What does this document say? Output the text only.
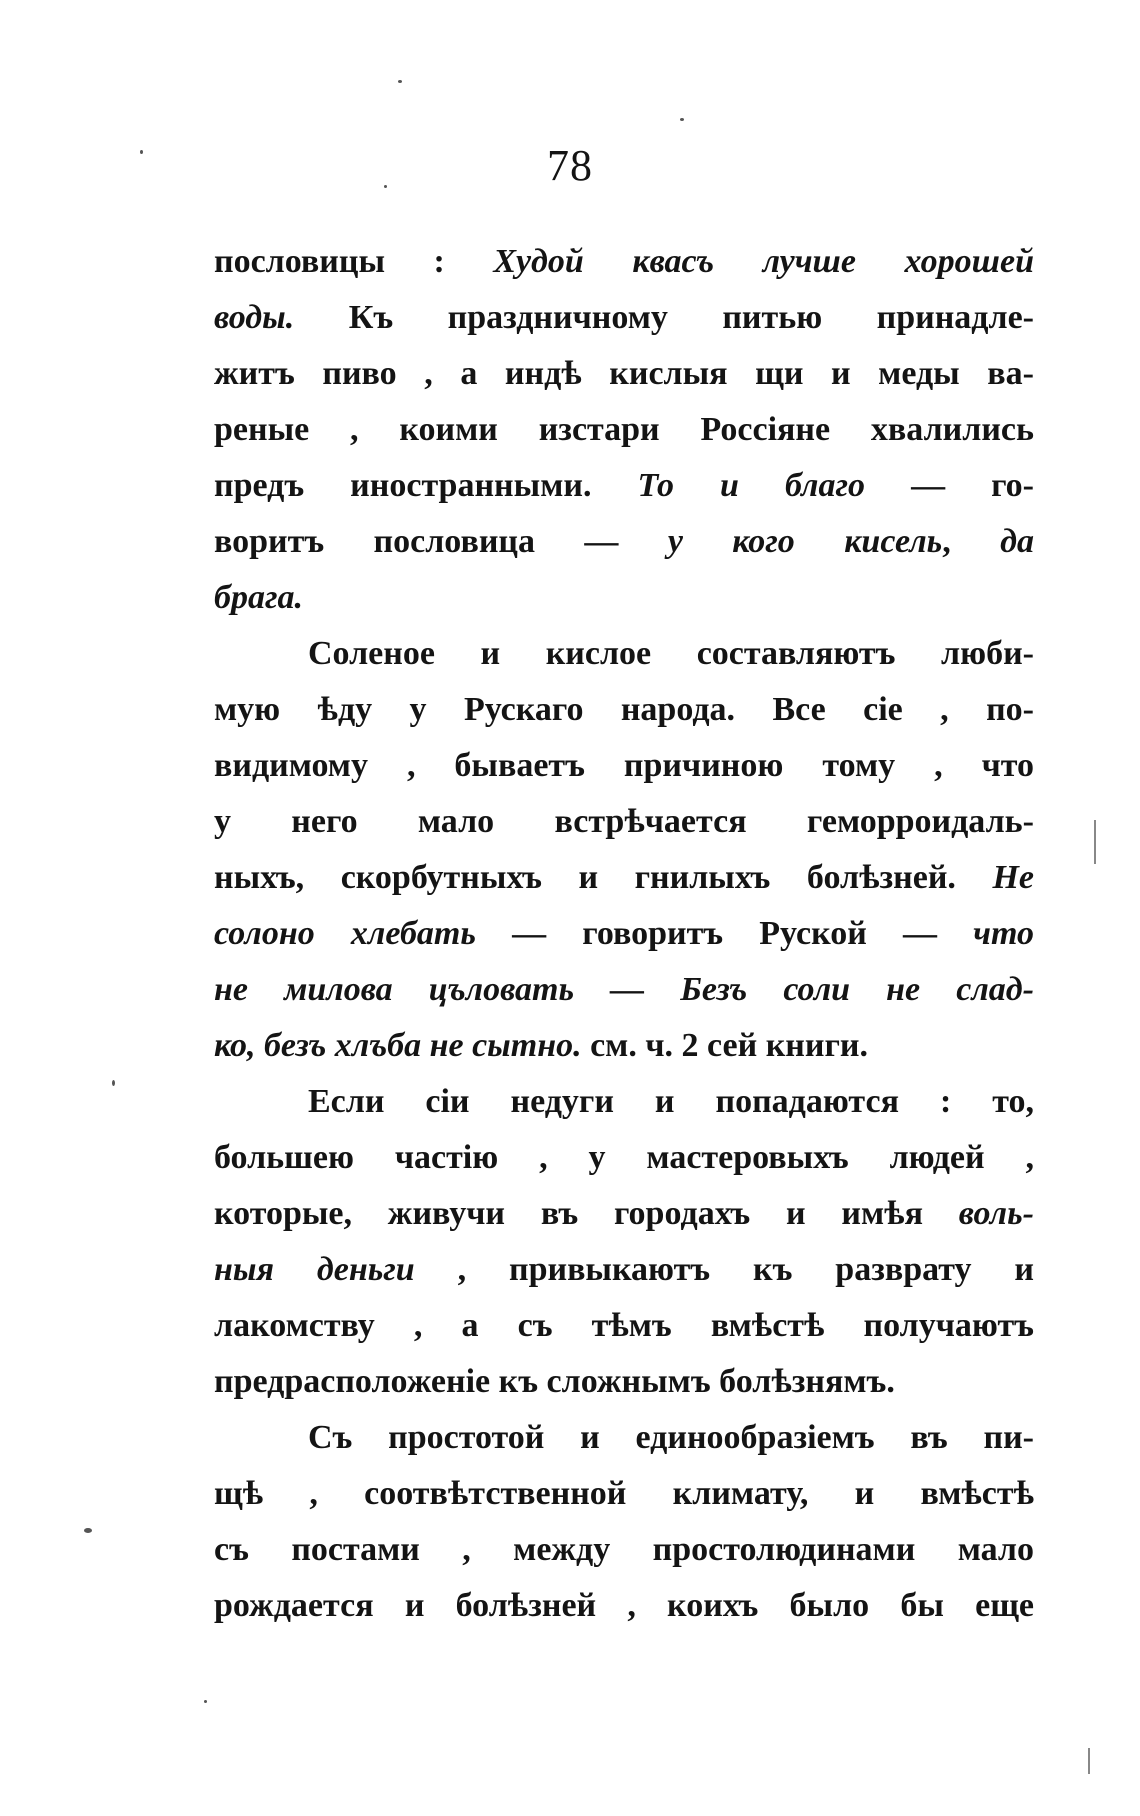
78
пословицы : Худой квасъ лучше хорошей
воды. Къ праздничному питью принадле-
житъ пиво , а индѣ кислыя щи и меды ва-
реные , коими изстари Россіяне хвалились
предъ иностранными. То и благо — го-
воритъ пословица — у кого кисель, да
брага.
Соленое и кислое составляютъ люби-
мую ѣду у Рускаго народа. Все сіе , по-
видимому , бываетъ причиною тому , что
у него мало встрѣчается геморроидаль-
ныхъ, скорбутныхъ и гнилыхъ болѣзней. Не
солоно хлебать — говоритъ Руской — что
не милова цъловать — Безъ соли не слад-
ко, безъ хлъба не сытно. см. ч. 2 сей книги.
Если сіи недуги и попадаются : то,
большею частію , у мастеровыхъ людей ,
которые, живучи въ городахъ и имѣя воль-
ныя деньги , привыкаютъ къ разврату и
лакомству , а съ тѣмъ вмѣстѣ получаютъ
предрасположеніе къ сложнымъ болѣзнямъ.
Съ простотой и единообразіемъ въ пи-
щѣ , соотвѣтственной климату, и вмѣстѣ
съ постами , между простолюдинами мало
рождается и болѣзней , коихъ было бы еще
